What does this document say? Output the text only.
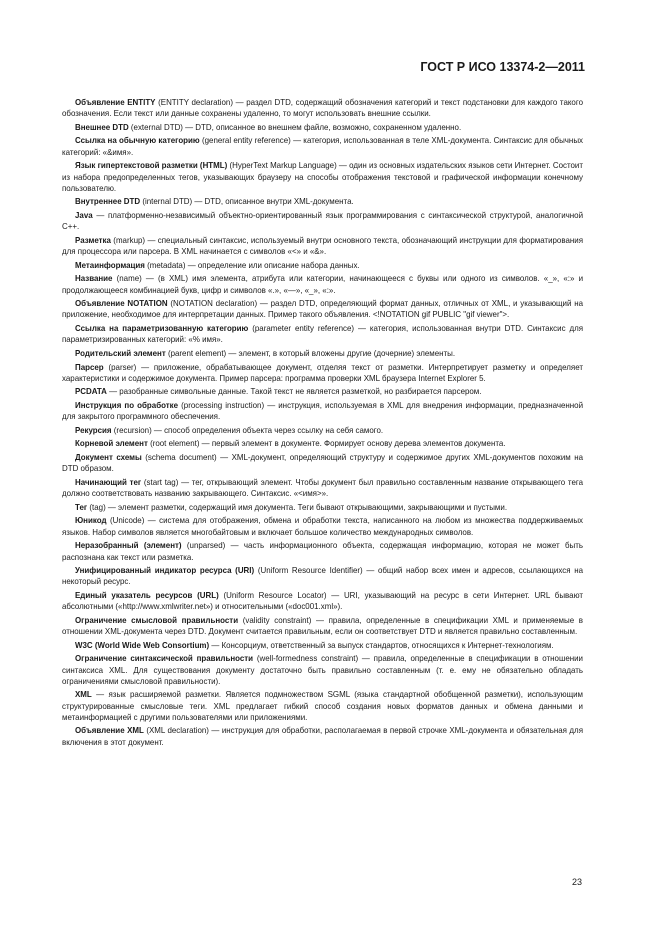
ГОСТ Р ИСО 13374-2—2011

Объявление ENTITY (ENTITY declaration) — раздел DTD, содержащий обозначения категорий и текст подстановки для каждого такого обозначения. Если текст или данные сохранены удаленно, то могут использовать внешние ссылки.

Внешнее DTD (external DTD) — DTD, описанное во внешнем файле, возможно, сохраненном удаленно.

Ссылка на обычную категорию (general entity reference) — категория, использованная в теле XML-документа. Синтаксис для обычных категорий: «&имя».

Язык гипертекстовой разметки (HTML) (HyperText Markup Language) — один из основных издательских языков сети Интернет. Состоит из набора предопределенных тегов, указывающих браузеру на способы отображения текстовой и графической информации конечному пользователю.

Внутреннее DTD (internal DTD) — DTD, описанное внутри XML-документа.

Java — платформенно-независимый объектно-ориентированный язык программирования с синтаксической структурой, аналогичной C++.

Разметка (markup) — специальный синтаксис, используемый внутри основного текста, обозначающий инструкции для форматирования для процессора или парсера. В XML начинается с символов «<» и «&».

Метаинформация (metadata) — определение или описание набора данных.

Название (name) — (в XML) имя элемента, атрибута или категории, начинающееся с буквы или одного из символов. «_», «:» и продолжающееся комбинацией букв, цифр и символов «.», «—», «_», «:».

Объявление NOTATION (NOTATION declaration) — раздел DTD, определяющий формат данных, отличных от XML, и указывающий на приложение, необходимое для интерпретации данных. Пример такого объявления. <!NOTATION gif PUBLIC "gif viewer">.

Ссылка на параметризованную категорию (parameter entity reference) — категория, использованная внутри DTD. Синтаксис для параметризированных категорий: «% имя».

Родительский элемент (parent element) — элемент, в который вложены другие (дочерние) элементы.

Парсер (parser) — приложение, обрабатывающее документ, отделяя текст от разметки. Интерпретирует разметку и определяет характеристики и содержимое документа. Пример парсера: программа проверки XML браузера Internet Explorer 5.

PCDATA — разобранные символьные данные. Такой текст не является разметкой, но разбирается парсером.

Инструкция по обработке (processing instruction) — инструкция, используемая в XML для внедрения информации, предназначенной для закрытого программного обеспечения.

Рекурсия (recursion) — способ определения объекта через ссылку на себя самого.

Корневой элемент (root element) — первый элемент в документе. Формирует основу дерева элементов документа.

Документ схемы (schema document) — XML-документ, определяющий структуру и содержимое других XML-документов похожим на DTD образом.

Начинающий тег (start tag) — тег, открывающий элемент. Чтобы документ был правильно составленным название открывающего тега должно соответствовать названию закрывающего. Синтаксис. «<имя>».

Тег (tag) — элемент разметки, содержащий имя документа. Теги бывают открывающими, закрывающими и пустыми.

Юникод (Unicode) — система для отображения, обмена и обработки текста, написанного на любом из множества поддерживаемых языков. Набор символов является многобайтовым и включает большое количество международных символов.

Неразобранный (элемент) (unparsed) — часть информационного объекта, содержащая информацию, которая не может быть распознана как текст или разметка.

Унифицированный индикатор ресурса (URI) (Uniform Resource Identifier) — общий набор всех имен и адресов, ссылающихся на некоторый ресурс.

Единый указатель ресурсов (URL) (Uniform Resource Locator) — URI, указывающий на ресурс в сети Интернет. URL бывают абсолютными («http://www.xmlwriter.net») и относительными («doc001.xml»).

Ограничение смысловой правильности (validity constraint) — правила, определенные в спецификации XML и применяемые в отношении XML-документа через DTD. Документ считается правильным, если он соответствует DTD и является правильно составленным.

W3C (World Wide Web Consortium) — Консорциум, ответственный за выпуск стандартов, относящихся к Интернет-технологиям.

Ограничение синтаксической правильности (well-formedness constraint) — правила, определенные в спецификации в отношении синтаксиса XML. Для существования документу достаточно быть правильно составленным (т. е. ему не обязательно обладать ограничениями смысловой правильности).

XML — язык расширяемой разметки. Является подмножеством SGML (языка стандартной обобщенной разметки), использующим структурированные смысловые теги. XML предлагает гибкий способ создания новых форматов данных и обмена данными и метаинформацией с другими пользователями или приложениями.

Объявление XML (XML declaration) — инструкция для обработки, располагаемая в первой строчке XML-документа и обязательная для включения в этот документ.

23
